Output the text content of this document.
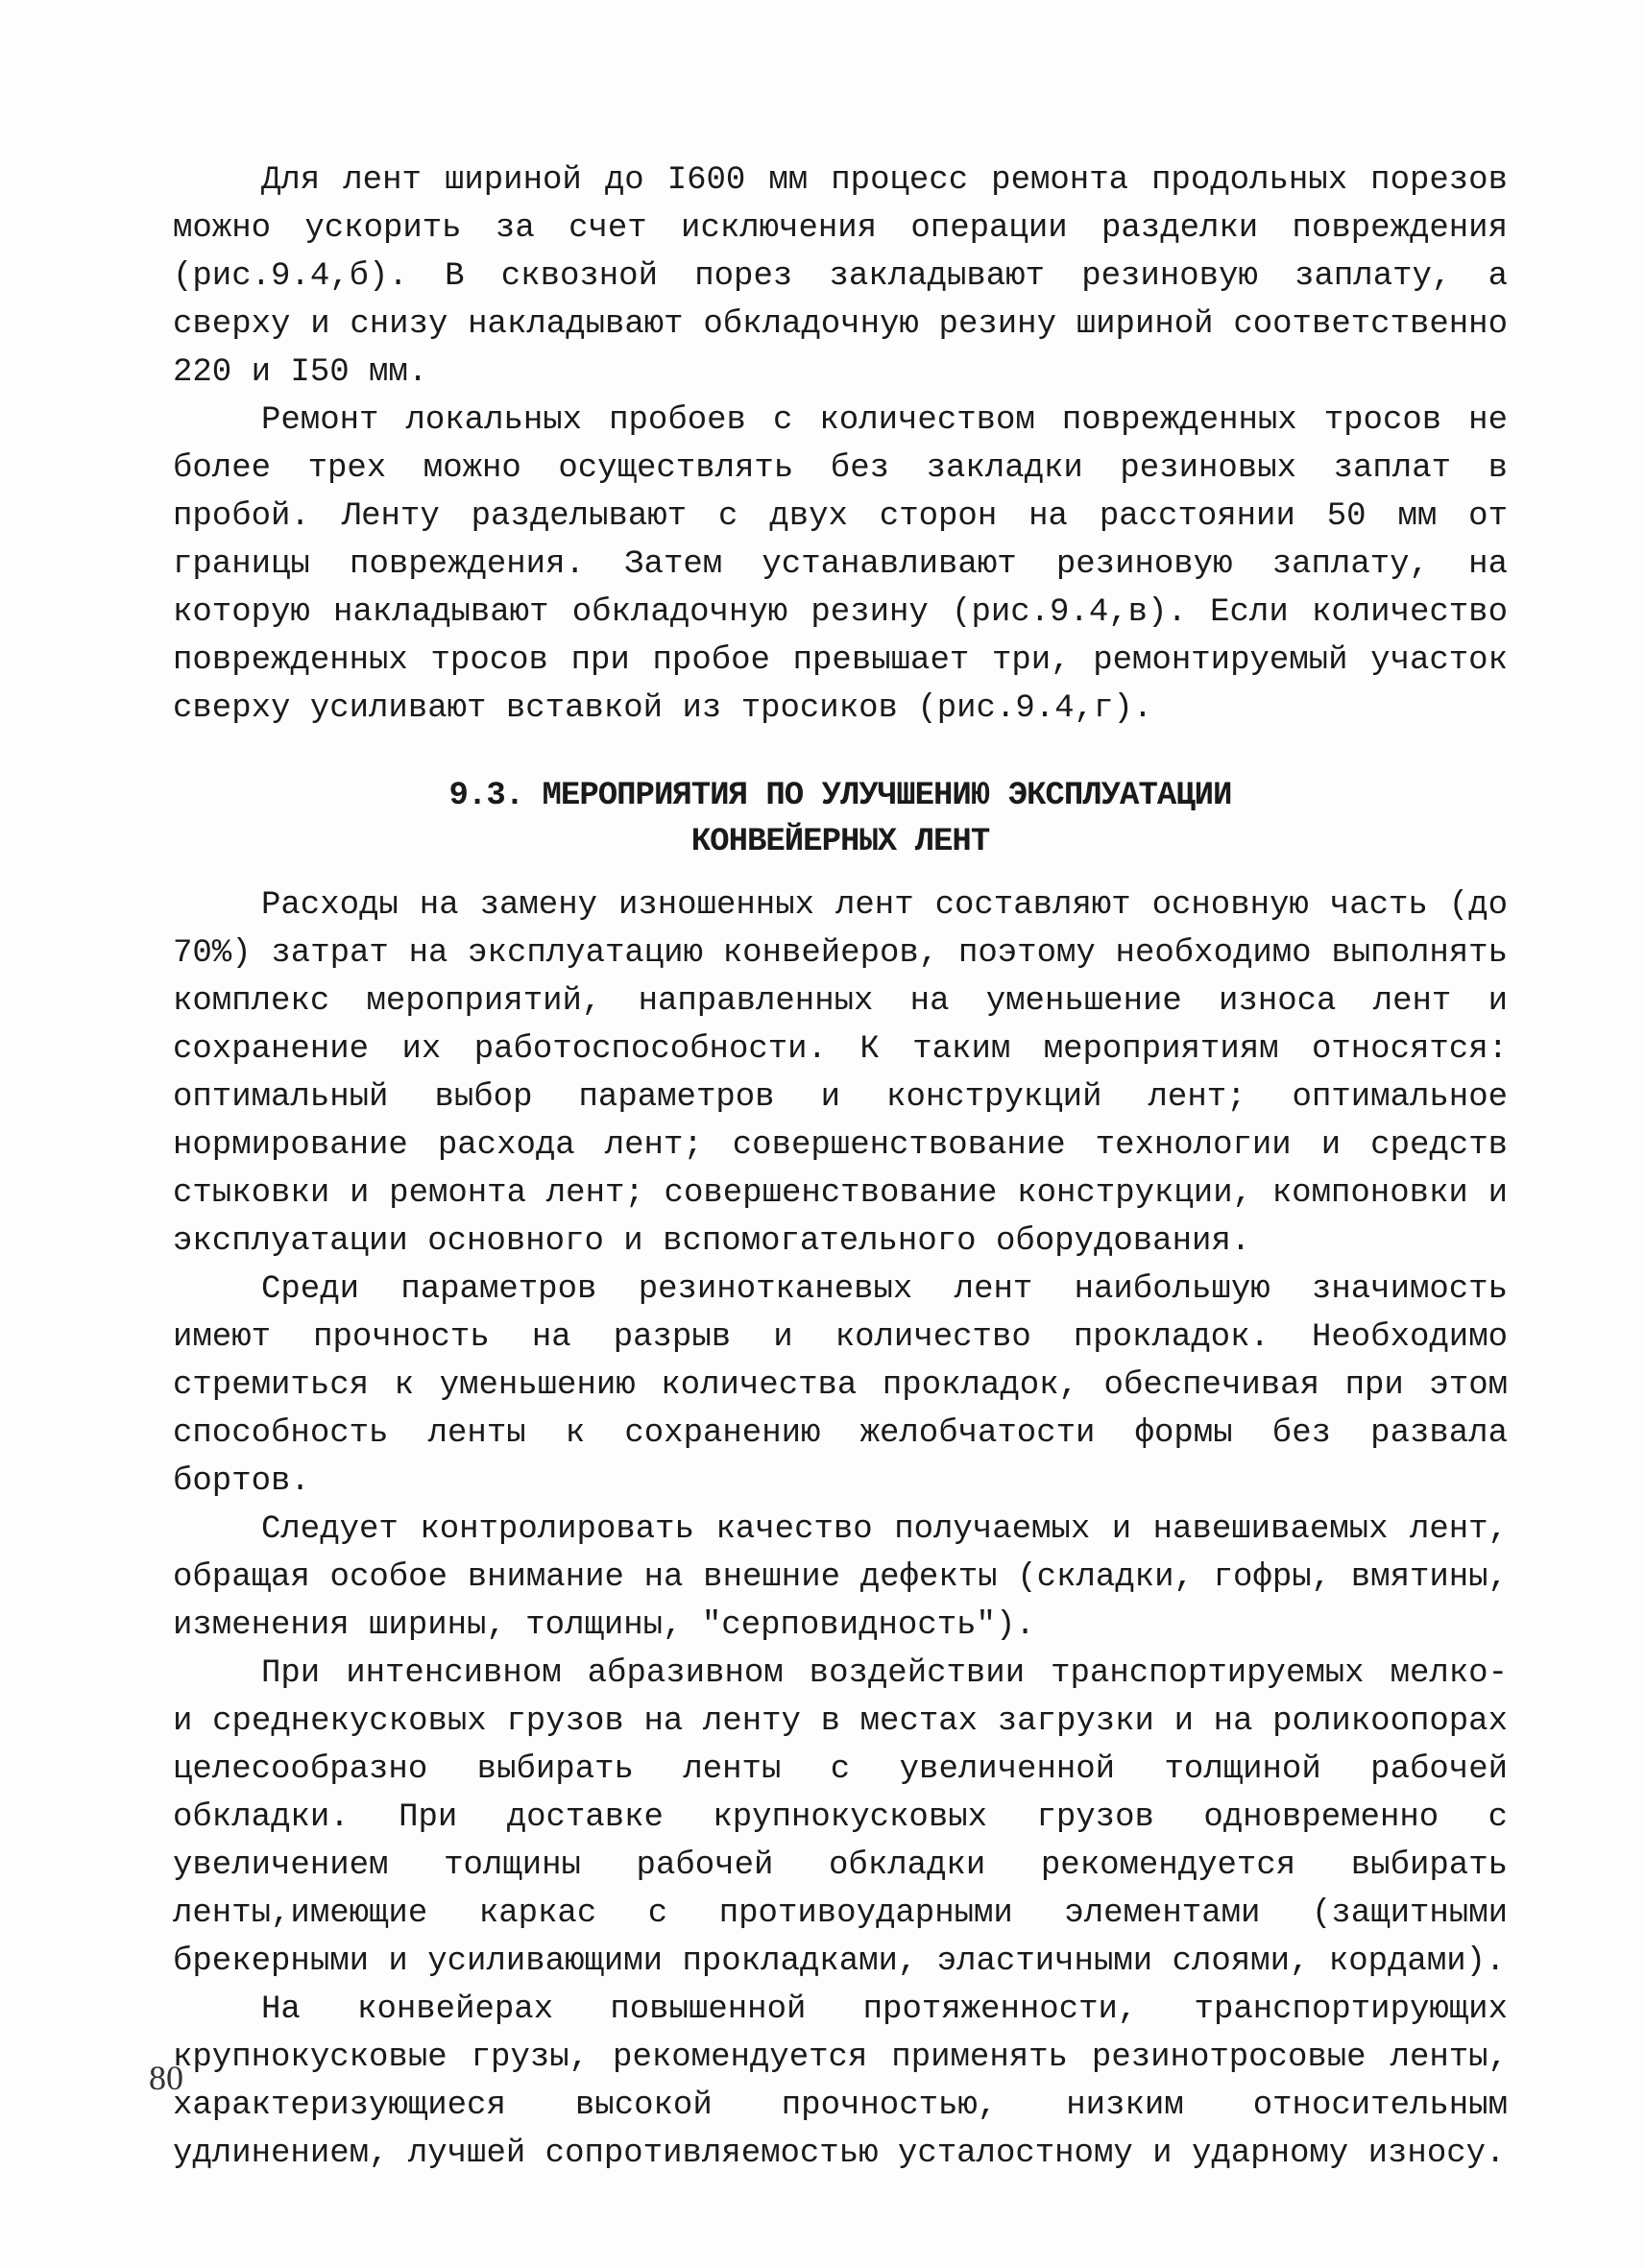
Для лент шириной до I600 мм процесс ремонта продольных порезов можно ускорить за счет исключения операции разделки повреждения (рис.9.4,б). В сквозной порез закладывают резиновую заплату, а сверху и снизу накладывают обкладочную резину шириной соответственно 220 и I50 мм.

Ремонт локальных пробоев с количеством поврежденных тросов не более трех можно осуществлять без закладки резиновых заплат в пробой. Ленту разделывают с двух сторон на расстоянии 50 мм от границы повреждения. Затем устанавливают резиновую заплату, на которую накладывают обкладочную резину (рис.9.4,в). Если количество поврежденных тросов при пробое превышает три, ремонтируемый участок сверху усиливают вставкой из тросиков (рис.9.4,г).

9.3. МЕРОПРИЯТИЯ ПО УЛУЧШЕНИЮ ЭКСПЛУАТАЦИИ

КОНВЕЙЕРНЫХ ЛЕНТ

Расходы на замену изношенных лент составляют основную часть (до 70%) затрат на эксплуатацию конвейеров, поэтому необходимо выполнять комплекс мероприятий, направленных на уменьшение износа лент и сохранение их работоспособности. К таким мероприятиям относятся: оптимальный выбор параметров и конструкций лент; оптимальное нормирование расхода лент; совершенствование технологии и средств стыковки и ремонта лент; совершенствование конструкции, компоновки и эксплуатации основного и вспомогательного оборудования.

Среди параметров резинотканевых лент наибольшую значимость имеют прочность на разрыв и количество прокладок. Необходимо стремиться к уменьшению количества прокладок, обеспечивая при этом способность ленты к сохранению желобчатости формы без развала бортов.

Следует контролировать качество получаемых и навешиваемых лент, обращая особое внимание на внешние дефекты (складки, гофры, вмятины, изменения ширины, толщины, "серповидность").

При интенсивном абразивном воздействии транспортируемых мелко- и среднекусковых грузов на ленту в местах загрузки и на роликоопорах целесообразно выбирать ленты с увеличенной толщиной рабочей обкладки. При доставке крупнокусковых грузов одновременно с увеличением толщины рабочей обкладки рекомендуется выбирать ленты,имеющие каркас с противоударными элементами (защитными брекерными и усиливающими прокладками, эластичными слоями, кордами).

На конвейерах повышенной протяженности, транспортирующих крупнокусковые грузы, рекомендуется применять резинотросовые ленты, характеризующиеся высокой прочностью, низким относительным удлинением, лучшей сопротивляемостью усталостному и ударному износу.

80
